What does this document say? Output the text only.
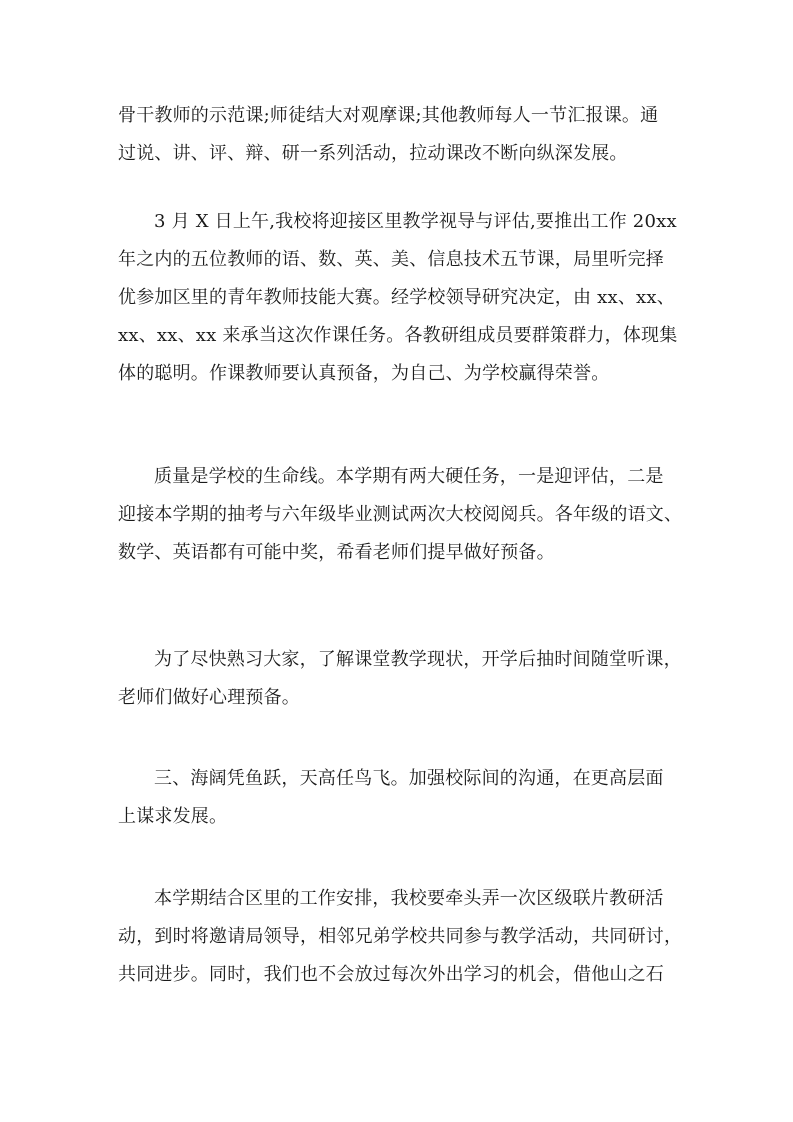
骨干教师的示范课;师徒结大对观摩课;其他教师每人一节汇报课。通
过说、讲、评、辩、研一系列活动，拉动课改不断向纵深发展。

3 月 X 日上午,我校将迎接区里教学视导与评估,要推出工作 20xx
年之内的五位教师的语、数、英、美、信息技术五节课，局里听完择
优参加区里的青年教师技能大赛。经学校领导研究决定，由 xx、xx、
xx、xx、xx 来承当这次作课任务。各教研组成员要群策群力，体现集
体的聪明。作课教师要认真预备，为自己、为学校赢得荣誉。

质量是学校的生命线。本学期有两大硬任务，一是迎评估，二是
迎接本学期的抽考与六年级毕业测试两次大校阅阅兵。各年级的语文、
数学、英语都有可能中奖，希看老师们提早做好预备。

为了尽快熟习大家，了解课堂教学现状，开学后抽时间随堂听课，
老师们做好心理预备。

三、海阔凭鱼跃，天高任鸟飞。加强校际间的沟通，在更高层面
上谋求发展。

本学期结合区里的工作安排，我校要牵头弄一次区级联片教研活
动，到时将邀请局领导，相邻兄弟学校共同参与教学活动，共同研讨，
共同进步。同时，我们也不会放过每次外出学习的机会，借他山之石
